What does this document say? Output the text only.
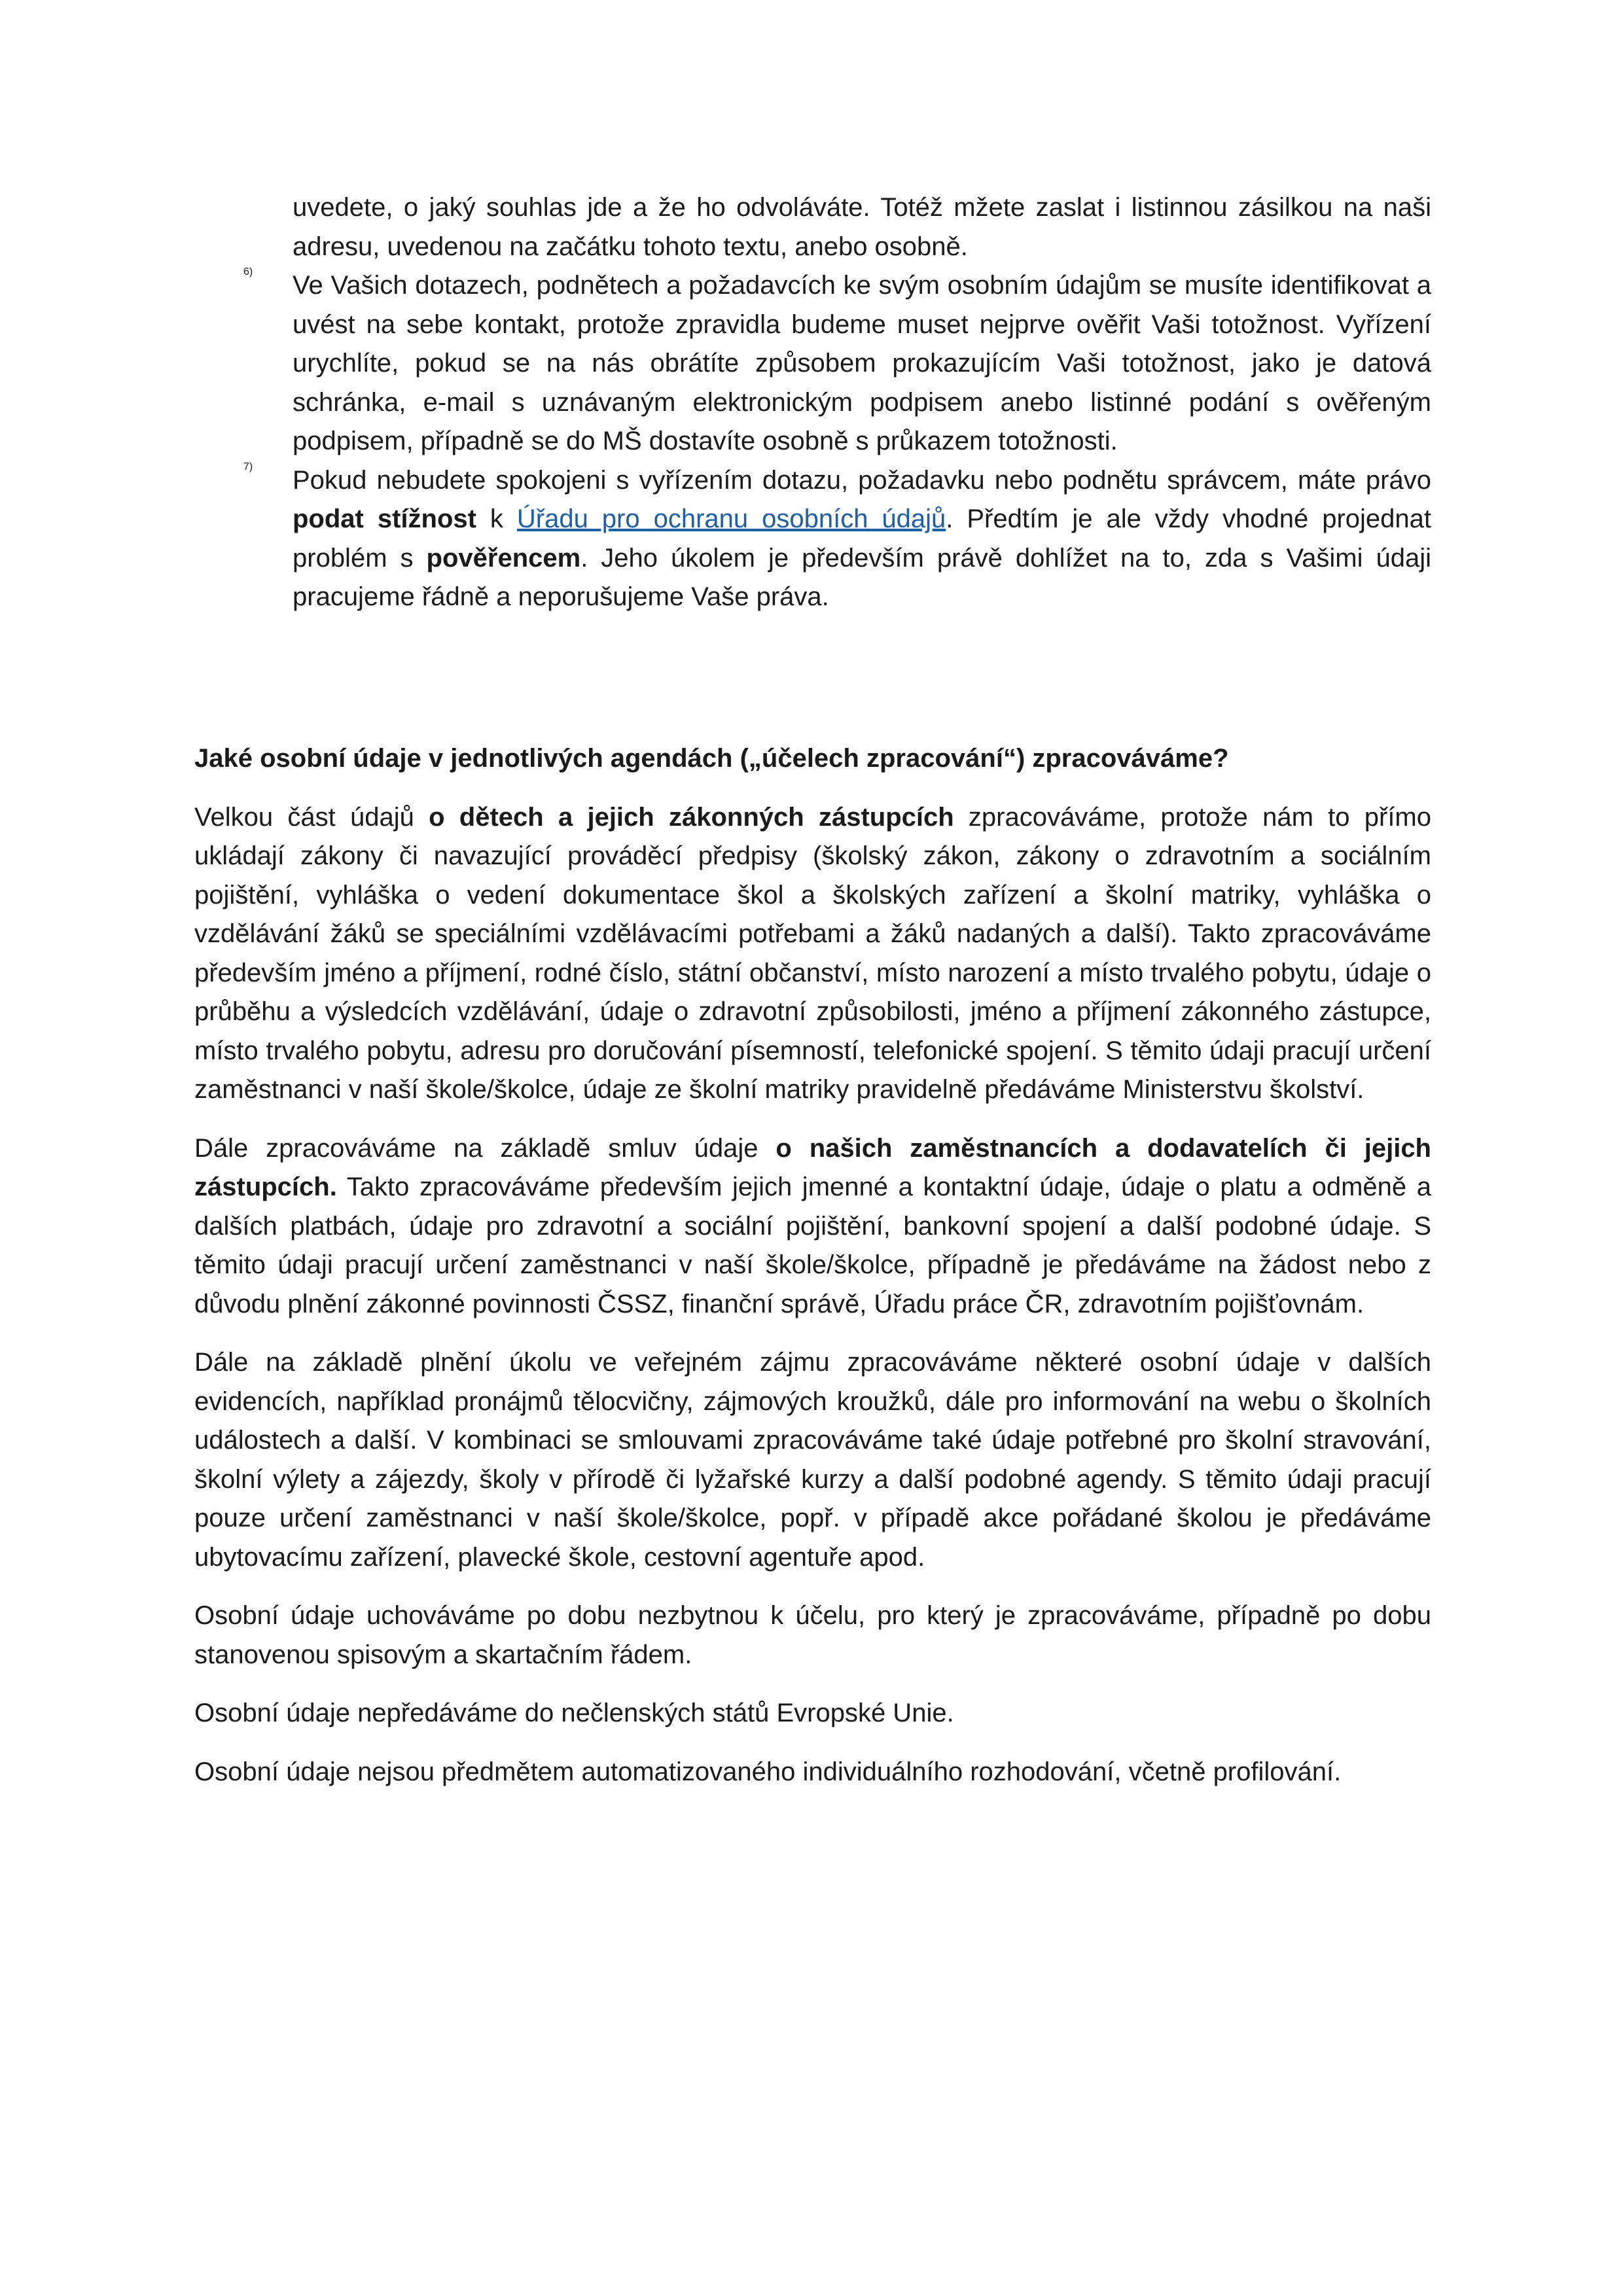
uvedete, o jaký souhlas jde a že ho odvoláváte. Totéž mžete zaslat i listinnou zásilkou na naši adresu, uvedenou na začátku tohoto textu, anebo osobně.

6) Ve Vašich dotazech, podnětech a požadavcích ke svým osobním údajům se musíte identifikovat a uvést na sebe kontakt, protože zpravidla budeme muset nejprve ověřit Vaši totožnost. Vyřízení urychlíte, pokud se na nás obrátíte způsobem prokazujícím Vaši totožnost, jako je datová schránka, e-mail s uznávaným elektronickým podpisem anebo listinné podání s ověřeným podpisem, případně se do MŠ dostavíte osobně s průkazem totožnosti.

7) Pokud nebudete spokojeni s vyřízením dotazu, požadavku nebo podnětu správcem, máte právo podat stížnost k Úřadu pro ochranu osobních údajů. Předtím je ale vždy vhodné projednat problém s pověřencem. Jeho úkolem je především právě dohlížet na to, zda s Vašimi údaji pracujeme řádně a neporušujeme Vaše práva.

Jaké osobní údaje v jednotlivých agendách („účelech zpracování“) zpracováváme?

Velkou část údajů o dětech a jejich zákonných zástupcích zpracováváme, protože nám to přímo ukládají zákony či navazující prováděcí předpisy (školský zákon, zákony o zdravotním a sociálním pojištění, vyhláška o vedení dokumentace škol a školských zařízení a školní matriky, vyhláška o vzdělávání žáků se speciálními vzdělávacími potřebami a žáků nadaných a další). Takto zpracováváme především jméno a příjmení, rodné číslo, státní občanství, místo narození a místo trvalého pobytu, údaje o průběhu a výsledcích vzdělávání, údaje o zdravotní způsobilosti, jméno a příjmení zákonného zástupce, místo trvalého pobytu, adresu pro doručování písemností, telefonické spojení. S těmito údaji pracují určení zaměstnanci v naší škole/školce, údaje ze školní matriky pravidelně předáváme Ministerstvu školství.

Dále zpracováváme na základě smluv údaje o našich zaměstnancích a dodavatelích či jejich zástupcích. Takto zpracováváme především jejich jmenné a kontaktní údaje, údaje o platu a odměně a dalších platbách, údaje pro zdravotní a sociální pojištění, bankovní spojení a další podobné údaje. S těmito údaji pracují určení zaměstnanci v naší škole/školce, případně je předáváme na žádost nebo z důvodu plnění zákonné povinnosti ČSSZ, finanční správě, Úřadu práce ČR, zdravotním pojišťovnám.

Dále na základě plnění úkolu ve veřejném zájmu zpracováváme některé osobní údaje v dalších evidencích, například pronájmů tělocvičny, zájmových kroužků, dále pro informování na webu o školních událostech a další. V kombinaci se smlouvami zpracováváme také údaje potřebné pro školní stravování, školní výlety a zájezdy, školy v přírodě či lyžařské kurzy a další podobné agendy. S těmito údaji pracují pouze určení zaměstnanci v naší škole/školce, popř. v případě akce pořádané školou je předáváme ubytovacímu zařízení, plavecké škole, cestovní agentuře apod.

Osobní údaje uchováváme po dobu nezbytnou k účelu, pro který je zpracováváme, případně po dobu stanovenou spisovým a skartačním řádem.

Osobní údaje nepředáváme do nečlenských států Evropské Unie.

Osobní údaje nejsou předmětem automatizovaného individuálního rozhodování, včetně profilování.
